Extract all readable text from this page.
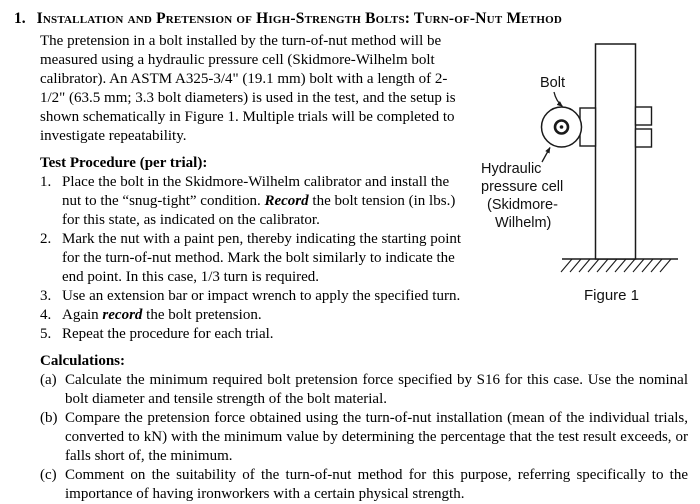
1. Installation and Pretension of High-Strength Bolts: Turn-of-Nut Method
Bolt
Hydraulic
pressure cell
(Skidmore-
Wilhelm)
Figure 1

The pretension in a bolt installed by the turn-of-nut method will be measured using a hydraulic pressure cell (Skidmore-Wilhelm bolt calibrator). An ASTM A325-3/4" (19.1 mm) bolt with a length of 2-1/2" (63.5 mm; 3.3 bolt diameters) is used in the test, and the setup is shown schematically in Figure 1. Multiple trials will be completed to investigate repeatability.

Test Procedure (per trial):
1. Place the bolt in the Skidmore-Wilhelm calibrator and install the nut to the “snug-tight” condition. Record the bolt tension (in lbs.) for this state, as indicated on the calibrator.
2. Mark the nut with a paint pen, thereby indicating the starting point for the turn-of-nut method. Mark the bolt similarly to indicate the end point. In this case, 1/3 turn is required.
3. Use an extension bar or impact wrench to apply the specified turn.
4. Again record the bolt pretension.
5. Repeat the procedure for each trial.
Calculations:
(a) Calculate the minimum required bolt pretension force specified by S16 for this case. Use the nominal bolt diameter and tensile strength of the bolt material.
(b) Compare the pretension force obtained using the turn-of-nut installation (mean of the individual trials, converted to kN) with the minimum value by determining the percentage that the test result exceeds, or falls short of, the minimum.
(c) Comment on the suitability of the turn-of-nut method for this purpose, referring specifically to the importance of having ironworkers with a certain physical strength.
